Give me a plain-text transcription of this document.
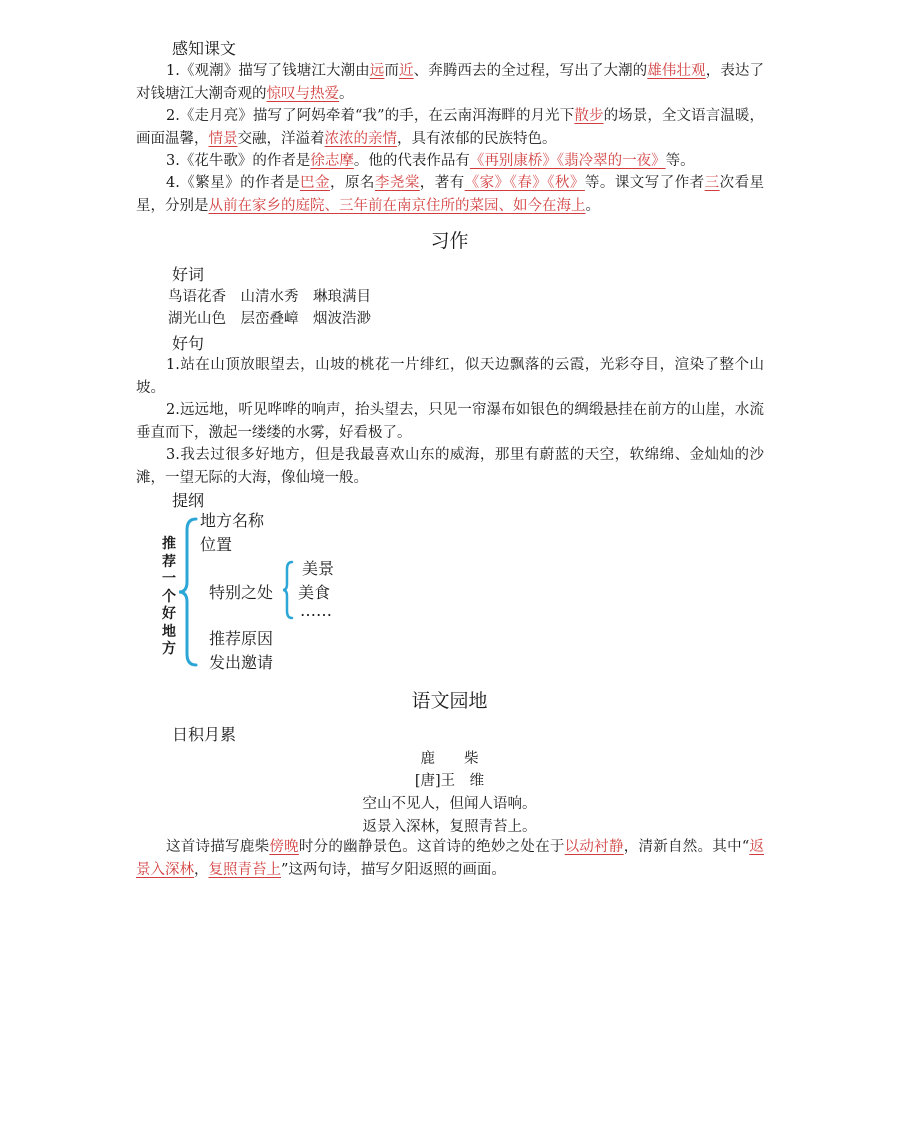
感知课文

1.《观潮》描写了钱塘江大潮由远而近、奔腾西去的全过程，写出了大潮的雄伟壮观，表达了对钱塘江大潮奇观的惊叹与热爱。

2.《走月亮》描写了阿妈牵着“我”的手，在云南洱海畔的月光下散步的场景，全文语言温暖，画面温馨，情景交融，洋溢着浓浓的亲情，具有浓郁的民族特色。

3.《花牛歌》的作者是徐志摩。他的代表作品有《再别康桥》《翡冷翠的一夜》等。

4.《繁星》的作者是巴金，原名李尧棠，著有《家》《春》《秋》等。课文写了作者三次看星星，分别是从前在家乡的庭院、三年前在南京住所的菜园、如今在海上。

习作

好词

鸟语花香　山清水秀　琳琅满目

湖光山色　层峦叠嶂　烟波浩渺

好句

1.站在山顶放眼望去，山坡的桃花一片绯红，似天边飘落的云霞，光彩夺目，渲染了整个山坡。

2.远远地，听见哗哗的响声，抬头望去，只见一帘瀑布如银色的绸缎悬挂在前方的山崖，水流垂直而下，激起一缕缕的水雾，好看极了。

3.我去过很多好地方，但是我最喜欢山东的威海，那里有蔚蓝的天空，软绵绵、金灿灿的沙滩，一望无际的大海，像仙境一般。

提纲

推
荐
一
个
好
地
方

地方名称

位置

特别之处

美景

美食

……

推荐原因

发出邀请

语文园地

日积月累

鹿　　柴

[唐]王　维

空山不见人，但闻人语响。

返景入深林，复照青苔上。

这首诗描写鹿柴傍晚时分的幽静景色。这首诗的绝妙之处在于以动衬静，清新自然。其中“返景入深林，复照青苔上”这两句诗，描写夕阳返照的画面。
